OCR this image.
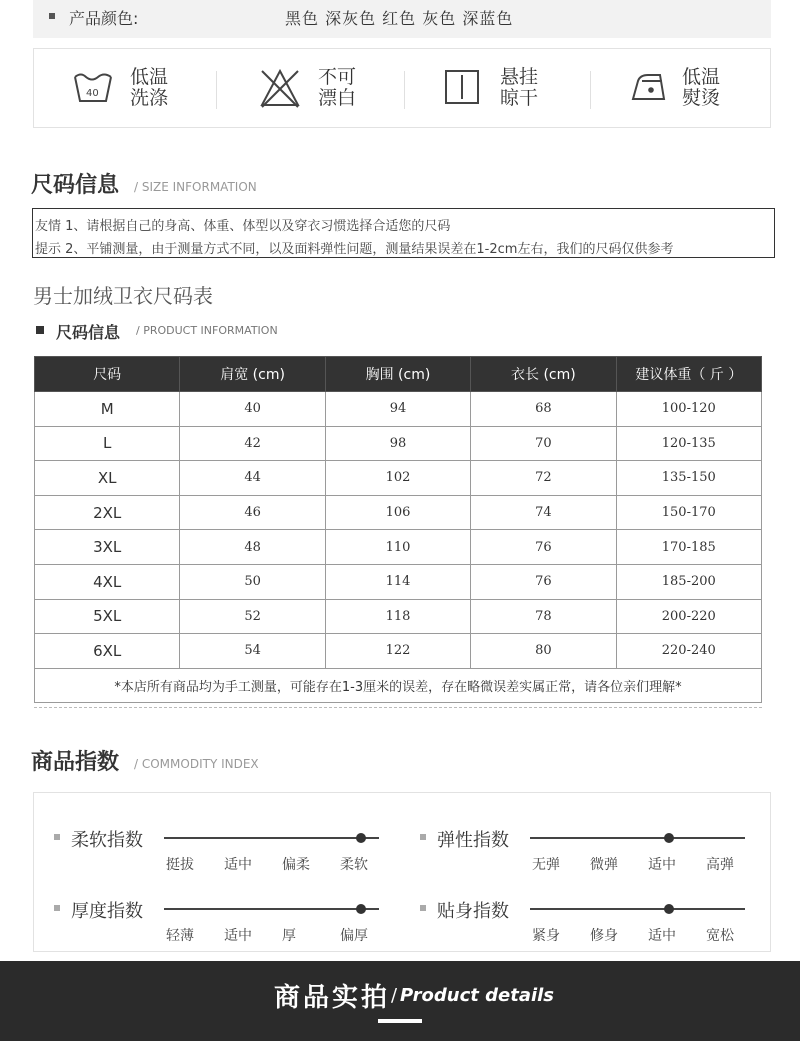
产品颜色:	黑色 深灰色 红色 灰色 深蓝色
40
低温
洗涤
不可
漂白
悬挂
晾干
低温
熨烫
尺码信息 / SIZE INFORMATION
友情 1、请根据自己的身高、体重、体型以及穿衣习惯选择合适您的尺码
提示 2、平铺测量，由于测量方式不同，以及面料弹性问题，测量结果误差在1-2cm左右，我们的尺码仅供参考
男士加绒卫衣尺码表
尺码信息 / PRODUCT INFORMATION
尺码	肩宽 (cm)	胸围 (cm)	衣长 (cm)	建议体重（ 斤 ）
M	40	94	68	100-120
L	42	98	70	120-135
XL	44	102	72	135-150
2XL	46	106	74	150-170
3XL	48	110	76	170-185
4XL	50	114	76	185-200
5XL	52	118	78	200-220
6XL	54	122	80	220-240
*本店所有商品均为手工测量，可能存在1-3厘米的误差，存在略微误差实属正常，请各位亲们理解*				
商品指数 / COMMODITY INDEX
柔软指数
挺拔 适中 偏柔 柔软
弹性指数
无弹 微弹 适中 高弹
厚度指数
轻薄 适中 厚	偏厚
贴身指数
紧身 修身 适中 宽松
商品实拍 / Product details
